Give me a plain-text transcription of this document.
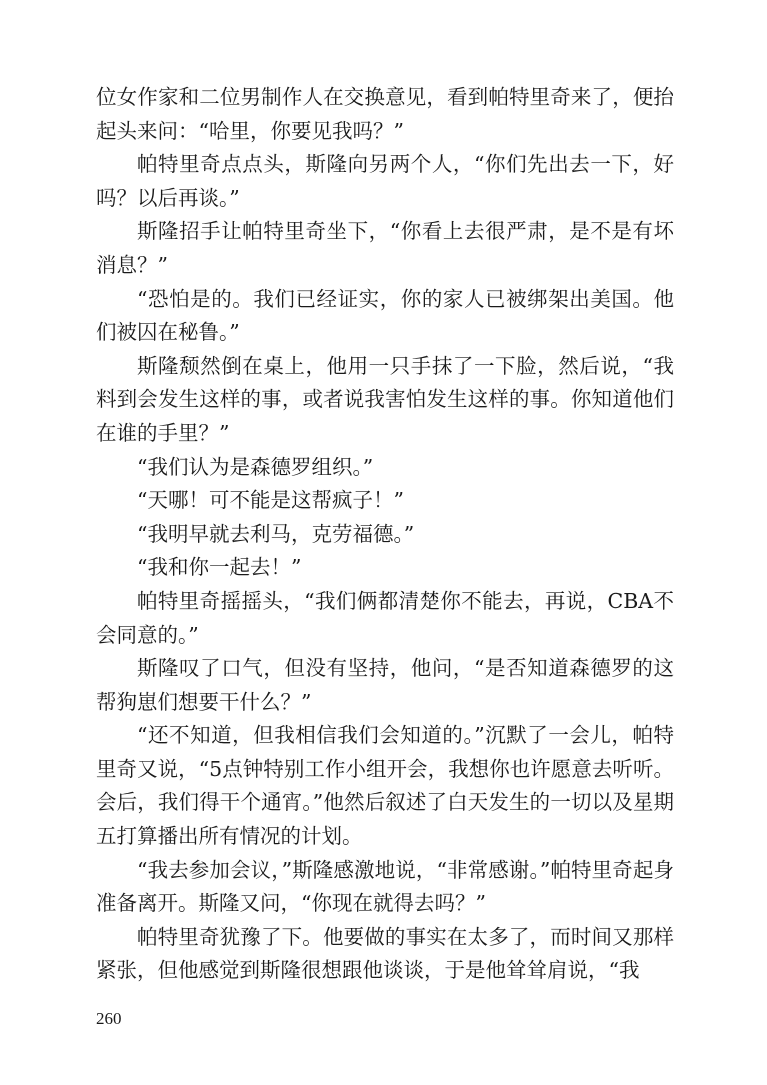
位女作家和二位男制作人在交换意见，看到帕特里奇来了，便抬起头来问：“哈里，你要见我吗？”

帕特里奇点点头，斯隆向另两个人，“你们先出去一下，好吗？以后再谈。”

斯隆招手让帕特里奇坐下，“你看上去很严肃，是不是有坏消息？”

“恐怕是的。我们已经证实，你的家人已被绑架出美国。他们被囚在秘鲁。”

斯隆颓然倒在桌上，他用一只手抹了一下脸，然后说，“我料到会发生这样的事，或者说我害怕发生这样的事。你知道他们在谁的手里？”

“我们认为是森德罗组织。”

“天哪！可不能是这帮疯子！”

“我明早就去利马，克劳福德。”

“我和你一起去！”

帕特里奇摇摇头，“我们俩都清楚你不能去，再说，CBA不会同意的。”

斯隆叹了口气，但没有坚持，他问，“是否知道森德罗的这帮狗崽们想要干什么？”

“还不知道，但我相信我们会知道的。”沉默了一会儿，帕特里奇又说，“5点钟特别工作小组开会，我想你也许愿意去听听。会后，我们得干个通宵。”他然后叙述了白天发生的一切以及星期五打算播出所有情况的计划。

“我去参加会议，”斯隆感激地说，“非常感谢。”帕特里奇起身准备离开。斯隆又问，“你现在就得去吗？”

帕特里奇犹豫了下。他要做的事实在太多了，而时间又那样紧张，但他感觉到斯隆很想跟他谈谈，于是他耸耸肩说，“我

260
